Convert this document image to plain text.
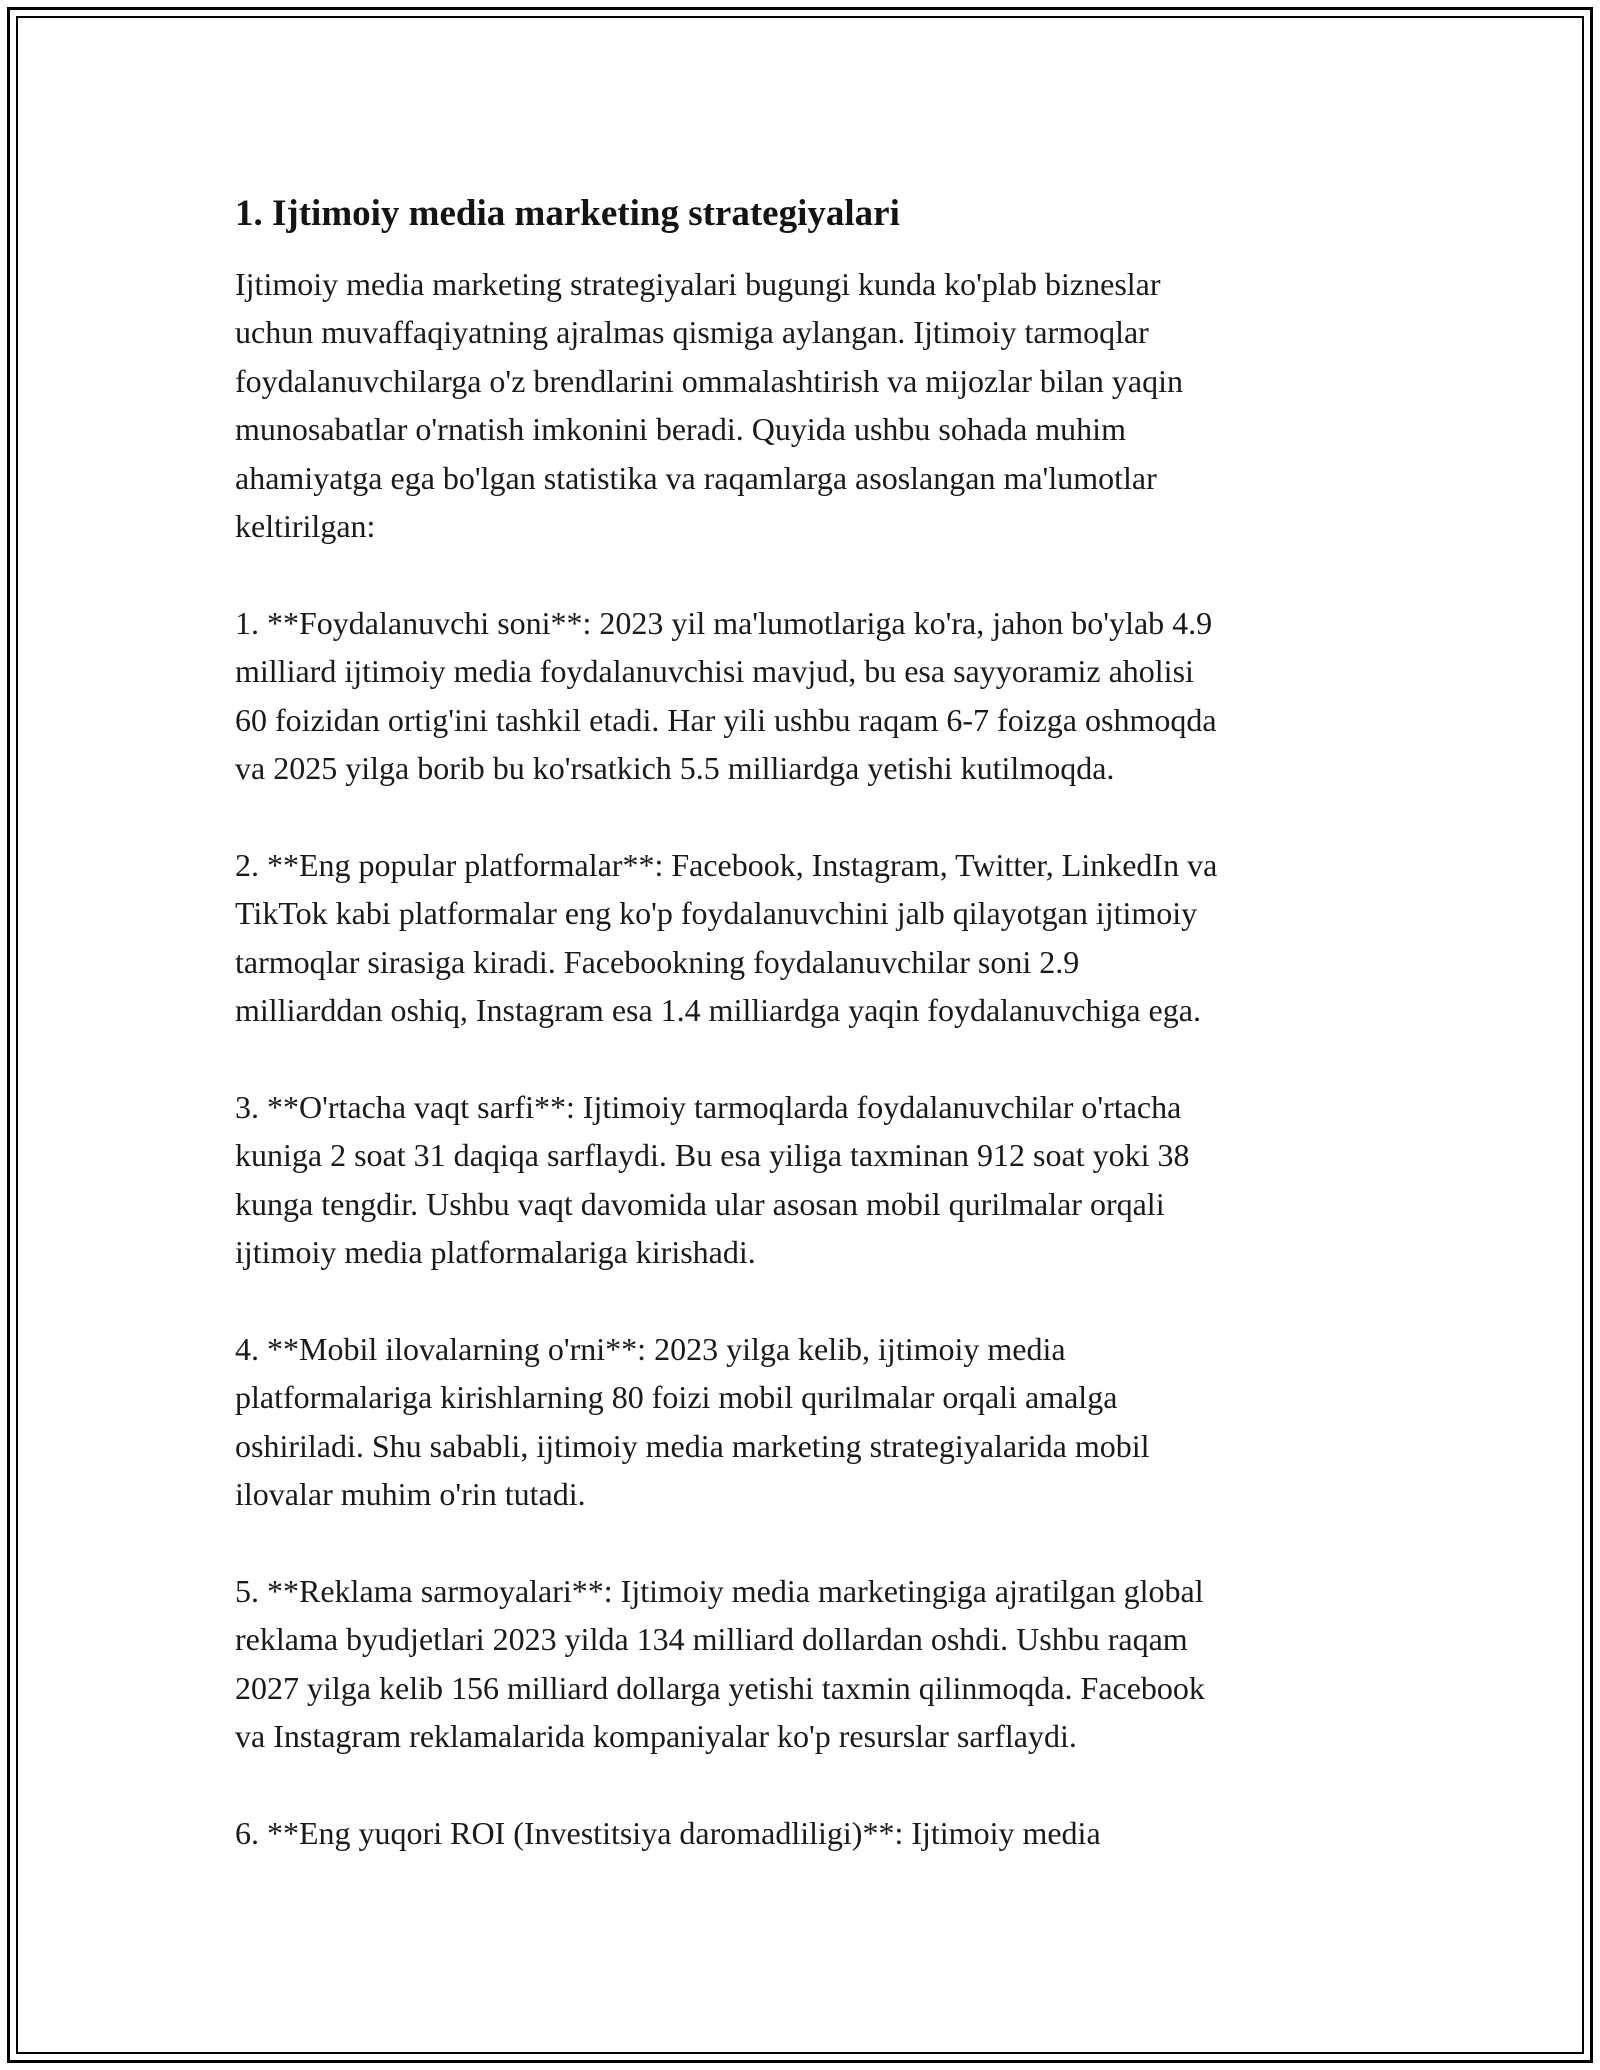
1. Ijtimoiy media marketing strategiyalari

Ijtimoiy media marketing strategiyalari bugungi kunda ko'plab bizneslar
uchun muvaffaqiyatning ajralmas qismiga aylangan. Ijtimoiy tarmoqlar
foydalanuvchilarga o'z brendlarini ommalashtirish va mijozlar bilan yaqin
munosabatlar o'rnatish imkonini beradi. Quyida ushbu sohada muhim
ahamiyatga ega bo'lgan statistika va raqamlarga asoslangan ma'lumotlar
keltirilgan:

1. **Foydalanuvchi soni**: 2023 yil ma'lumotlariga ko'ra, jahon bo'ylab 4.9
milliard ijtimoiy media foydalanuvchisi mavjud, bu esa sayyoramiz aholisi
60 foizidan ortig'ini tashkil etadi. Har yili ushbu raqam 6-7 foizga oshmoqda
va 2025 yilga borib bu ko'rsatkich 5.5 milliardga yetishi kutilmoqda.

2. **Eng popular platformalar**: Facebook, Instagram, Twitter, LinkedIn va
TikTok kabi platformalar eng ko'p foydalanuvchini jalb qilayotgan ijtimoiy
tarmoqlar sirasiga kiradi. Facebookning foydalanuvchilar soni 2.9
milliarddan oshiq, Instagram esa 1.4 milliardga yaqin foydalanuvchiga ega.

3. **O'rtacha vaqt sarfi**: Ijtimoiy tarmoqlarda foydalanuvchilar o'rtacha
kuniga 2 soat 31 daqiqa sarflaydi. Bu esa yiliga taxminan 912 soat yoki 38
kunga tengdir. Ushbu vaqt davomida ular asosan mobil qurilmalar orqali
ijtimoiy media platformalariga kirishadi.

4. **Mobil ilovalarning o'rni**: 2023 yilga kelib, ijtimoiy media
platformalariga kirishlarning 80 foizi mobil qurilmalar orqali amalga
oshiriladi. Shu sababli, ijtimoiy media marketing strategiyalarida mobil
ilovalar muhim o'rin tutadi.

5. **Reklama sarmoyalari**: Ijtimoiy media marketingiga ajratilgan global
reklama byudjetlari 2023 yilda 134 milliard dollardan oshdi. Ushbu raqam
2027 yilga kelib 156 milliard dollarga yetishi taxmin qilinmoqda. Facebook
va Instagram reklamalarida kompaniyalar ko'p resurslar sarflaydi.

6. **Eng yuqori ROI (Investitsiya daromadliligi)**: Ijtimoiy media
